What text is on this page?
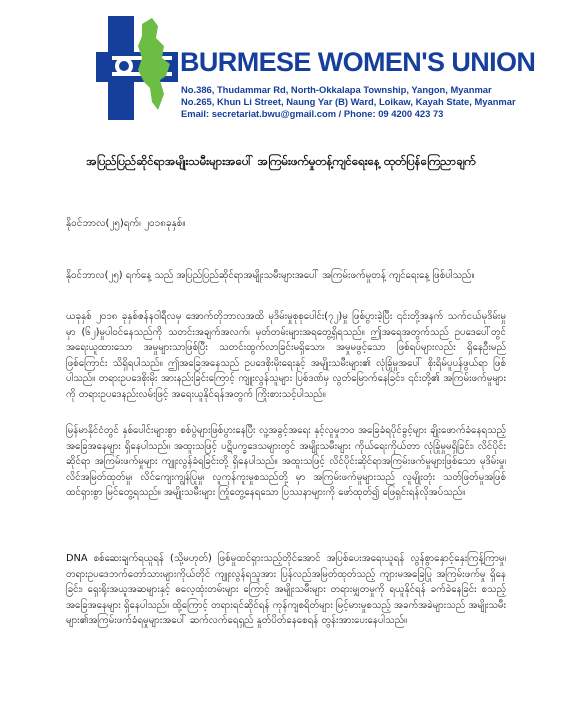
BURMESE WOMEN'S UNION
No.386, Thudammar Rd, North-Okkalapa Township, Yangon, Myanmar
No.265, Khun Li Street, Naung Yar (B) Ward, Loikaw, Kayah State, Myanmar
Email: secretariat.bwu@gmail.com / Phone: 09 4200 423 73
အပြည်ပြည်ဆိုင်ရာအမျိုးသမီးများအပေါ် အကြမ်းဖက်မှုတန့်ကျင်ရေးနေ့ ထုတ်ပြန်ကြေညာချက်
နိုဝင်ဘာလ(၂၅)ရက်၊ ၂၀၁၈ခုနှစ်။
နိုဝင်ဘာလ(၂၅) ရက်နေ့ သည် အပြည်ပြည်ဆိုင်ရာအမျိုးသမီးများအပေါ် အကြမ်းဖက်မှုတန့် ကျင်ရေးနေ့ ဖြစ်ပါသည်။
ယခုနှစ် ၂၀၁၈ ခုနှစ်ဇန်နဝါရီလမှ အောက်တိုဘာလအထိ မုဒိမ်းမှုစုစုပေါင်း(၇၂)မှု ဖြစ်ပွားခဲ့ပြီး ၎င်းတို့အနက် သက်ငယ်မုဒိမ်းမှုမှာ (၆၂)မှုပါဝင်နေသည်ကို သတင်းအချက်အလက်၊ မှတ်တမ်းများအရတွေ့ရှိရသည်။ ဤအရေအတွက်သည် ဥပဒေပေါ်တွင် အရေးယူထားသော အမှုများသာဖြစ်ပြီး သတင်းထွက်လာခြင်းမရှိသော၊ အမှုမဖွင့်သော ဖြစ်ရပ်များလည်း ရှိနေဦးမည်ဖြစ်ကြောင်း သိရှိရပါသည်။ ဤအခြေအနေသည် ဥပဒေစိုးမိုးရေးနှင့် အမျိုးသမီးများ၏ လုံခြုံမှုအပေါ် စိုးရိမ်ပူပန်ဖွယ်ရာ ဖြစ်ပါသည်။ တရားဥပဒေစိုးမိုး အားနည်းခြင်းကြောင့် ကျူးလွန်သူများ ပြစ်ဒဏ်မှ လွတ်မြောက်နေခြင်း၊ ၎င်းတို့၏ အကြမ်းဖက်မှုများကို တရားဥပဒေနည်းလမ်းဖြင့် အရေးယူနိုင်ရန်အတွက် ကြိုးစားသင့်ပါသည်။
မြန်မာနိုင်ငံတွင် နှစ်ပေါင်းများစွာ စစ်ပွဲများဖြစ်ပွားနေပြီး လူ့အခွင့်အရေး နှင့်လူမှုဘဝ အခြေခံရပိုင်ခွင့်များ ချိုးဖောက်ခံနေရသည့် အခြေအနေများ ရှိနေပါသည်။ အထူးသဖြင့် ပဋိပက္ခဒေသများတွင် အမျိုးသမီးများ ကိုယ်ရေးကိုယ်တာ လုံခြုံမှုမရှိခြင်း၊ လိင်ပိုင်းဆိုင်ရာ အကြမ်းဖက်မှုများ ကျူးလွန်ခံရခြင်းတို့ ရှိနေပါသည်။ အထူးသဖြင့် လိင်ပိုင်းဆိုင်ရာအကြမ်းဖက်မှုများဖြစ်သော မုဒိမ်းမှု၊ လိင်အမြတ်ထုတ်မှု၊ လိင်ကျေးကျွန်ပြုမှု၊ လူကုန်ကူးမှုစသည်တို့ မှာ အကြမ်းဖက်မှုများသည် လူမျိုးတုံး သတ်ဖြတ်မှုအဖြစ် ထင်ရှားစွာ မြင်တွေ့ရသည်။ အမျိုးသမီးများ ကြုံတွေ့နေရသော ပြဿနာများကို ဖော်ထုတ်၍ ဖြေရှင်းရန်လိုအပ်သည်။
DNA စစ်ဆေးချက်ရယူရန် (သို့မဟုတ်) ဖြစ်မှုထင်ရှားသည့်တိုင်အောင် အပြစ်ပေးအရေးယူရန် လွန်စွာနှောင့်နှေးကြန့်ကြာမှု၊ တရားဥပဒေဘက်တော်သားများကိုယ်တိုင် ကျူးလွန်ရသူအား ပြန်လည်အမြတ်ထုတ်သည့် ကျားမအခြေပြု အကြမ်းဖက်မှု ရှိနေခြင်း၊ ရှေးရိုးအယူအဆများနှင့် ဓလေ့ထုံးတမ်းများ ကြောင့် အမျိုးသမီးများ တရားမျှတမှုကို ရယူနိုင်ရန် ခက်ခဲနေခြင်း စသည့် အခြေအနေများ ရှိနေပါသည်။ ထို့ကြောင့် တရားရင်ဆိုင်ရန် ကုန်ကျစရိတ်များ မြင့်မားမှုစသည့် အခက်အခဲများသည် အမျိုးသမီးများ၏အကြမ်းဖက်ခံရမှုများအပေါ် ဆက်လက်ရေရှည် နှုတ်ပိတ်နေစေရန် တွန်းအားပေးနေပါသည်။
